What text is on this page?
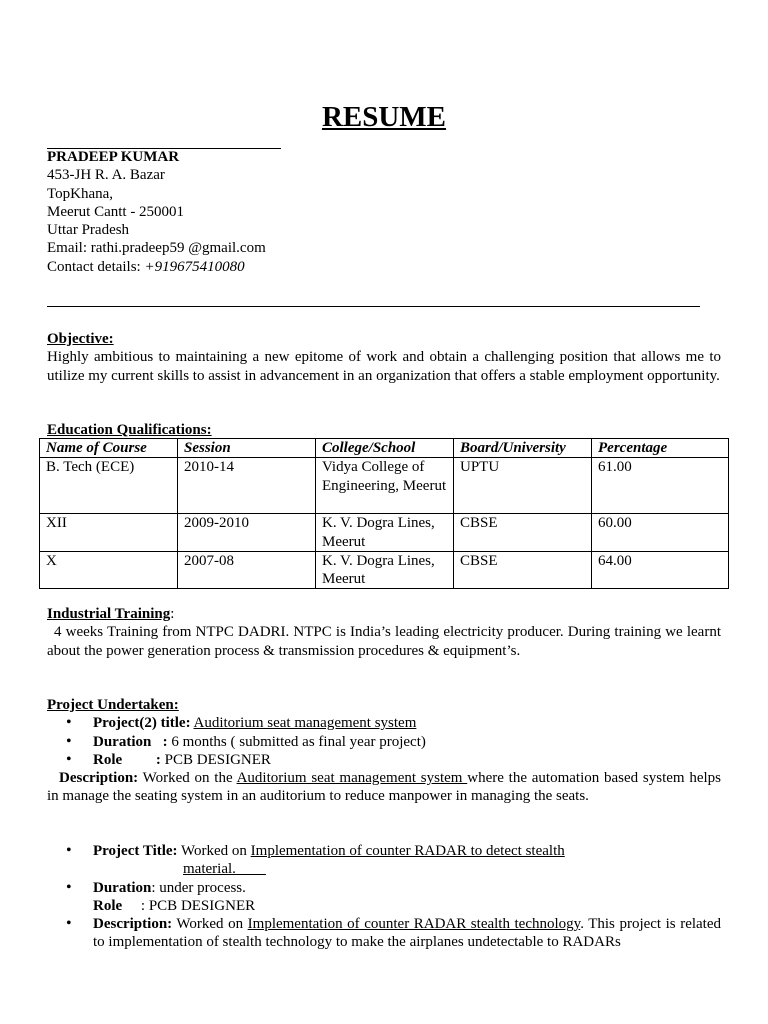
RESUME
PRADEEP KUMAR
453-JH R. A. Bazar
TopKhana,
Meerut Cantt - 250001
Uttar Pradesh
Email: rathi.pradeep59 @gmail.com
Contact details: +919675410080
Objective:
Highly ambitious to maintaining a new epitome of work and obtain a challenging position that allows me to utilize my current skills to assist in advancement in an organization that offers a stable employment opportunity.
Education Qualifications:
Name of Course	Session	College/School	Board/University	Percentage
B. Tech (ECE)	2010-14	Vidya College of Engineering, Meerut	UPTU	61.00
XII	2009-2010	K. V. Dogra Lines, Meerut	CBSE	60.00
X	2007-08	K. V. Dogra Lines, Meerut	CBSE	64.00
Industrial Training:
4 weeks Training from NTPC DADRI. NTPC is India’s leading electricity producer. During training we learnt about the power generation process & transmission procedures & equipment’s.
Project Undertaken:
• Project(2) title: Auditorium seat management system
• Duration   : 6 months ( submitted as final year project)
• Role         : PCB DESIGNER
Description: Worked on the Auditorium seat management system where the automation based system helps in manage the seating system in an auditorium to reduce manpower in managing the seats.
• Project Title: Worked on Implementation of counter RADAR to detect stealth
material.
• Duration: under process.
Role     : PCB DESIGNER
• Description: Worked on Implementation of counter RADAR stealth technology. This project is related to implementation of stealth technology to make the airplanes undetectable to RADARs
